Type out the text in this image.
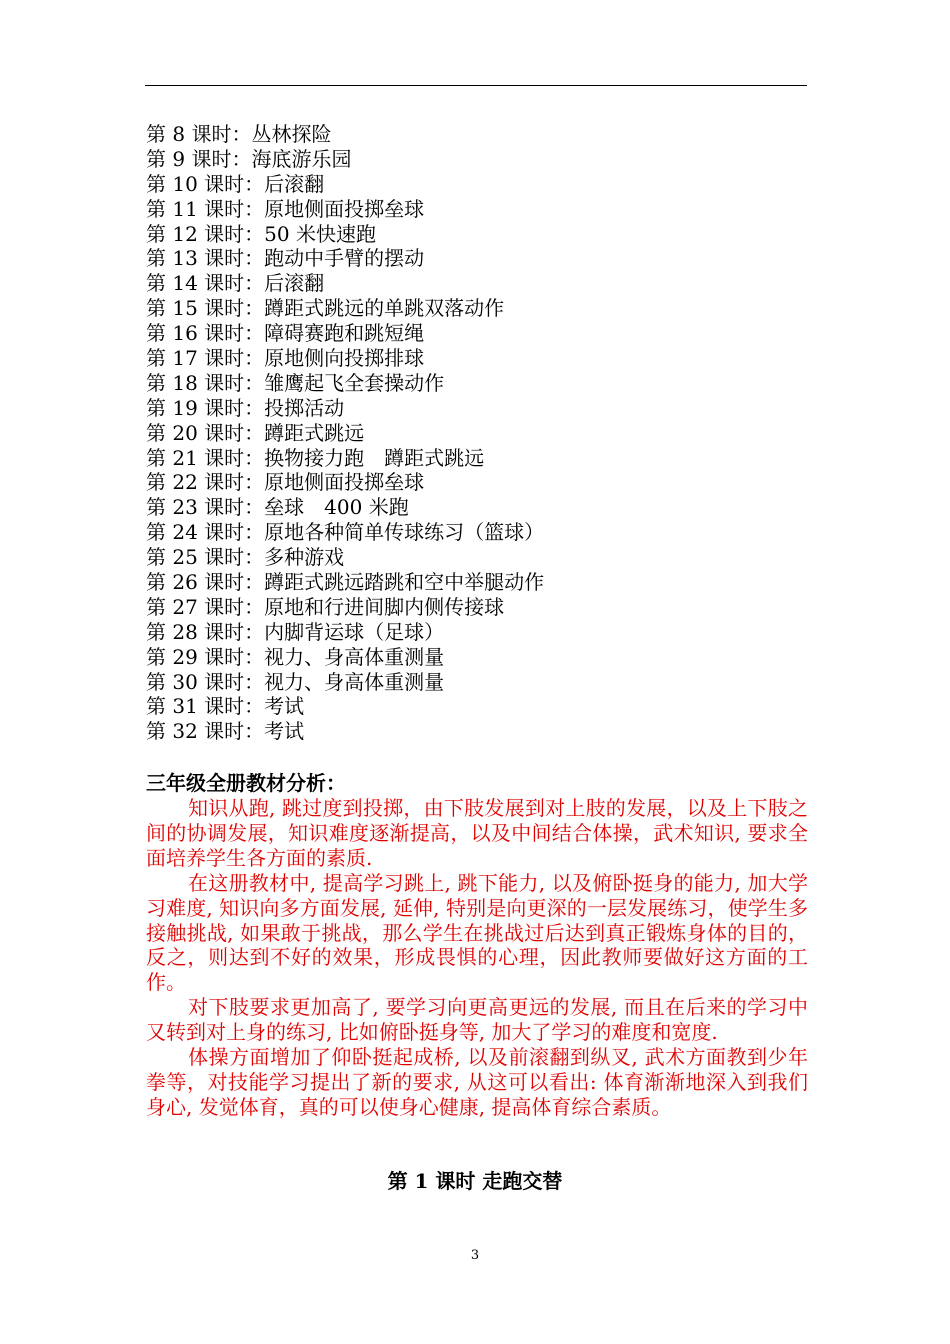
第 8 课时：丛林探险
第 9 课时：海底游乐园
第 10 课时：后滚翻
第 11 课时：原地侧面投掷垒球
第 12 课时：50 米快速跑
第 13 课时：跑动中手臂的摆动
第 14 课时：后滚翻
第 15 课时：蹲距式跳远的单跳双落动作
第 16 课时：障碍赛跑和跳短绳
第 17 课时：原地侧向投掷排球
第 18 课时：雏鹰起飞全套操动作
第 19 课时：投掷活动
第 20 课时：蹲距式跳远
第 21 课时：换物接力跑　蹲距式跳远
第 22 课时：原地侧面投掷垒球
第 23 课时：垒球　400 米跑
第 24 课时：原地各种简单传球练习（篮球）
第 25 课时：多种游戏
第 26 课时：蹲距式跳远踏跳和空中举腿动作
第 27 课时：原地和行进间脚内侧传接球
第 28 课时：内脚背运球（足球）
第 29 课时：视力、身高体重测量
第 30 课时：视力、身高体重测量
第 31 课时：考试
第 32 课时：考试
三年级全册教材分析：

知识从跑, 跳过度到投掷，由下肢发展到对上肢的发展，以及上下肢之间的协调发展，知识难度逐渐提高，以及中间结合体操，武术知识, 要求全面培养学生各方面的素质.

在这册教材中, 提高学习跳上, 跳下能力, 以及俯卧挺身的能力, 加大学习难度, 知识向多方面发展, 延伸, 特别是向更深的一层发展练习，使学生多接触挑战, 如果敢于挑战，那么学生在挑战过后达到真正锻炼身体的目的，反之，则达到不好的效果，形成畏惧的心理，因此教师要做好这方面的工作。

对下肢要求更加高了, 要学习向更高更远的发展, 而且在后来的学习中又转到对上身的练习, 比如俯卧挺身等, 加大了学习的难度和宽度.

体操方面增加了仰卧挺起成桥, 以及前滚翻到纵叉, 武术方面教到少年拳等，对技能学习提出了新的要求, 从这可以看出: 体育渐渐地深入到我们身心, 发觉体育，真的可以使身心健康, 提高体育综合素质。

第 1 课时 走跑交替
3
